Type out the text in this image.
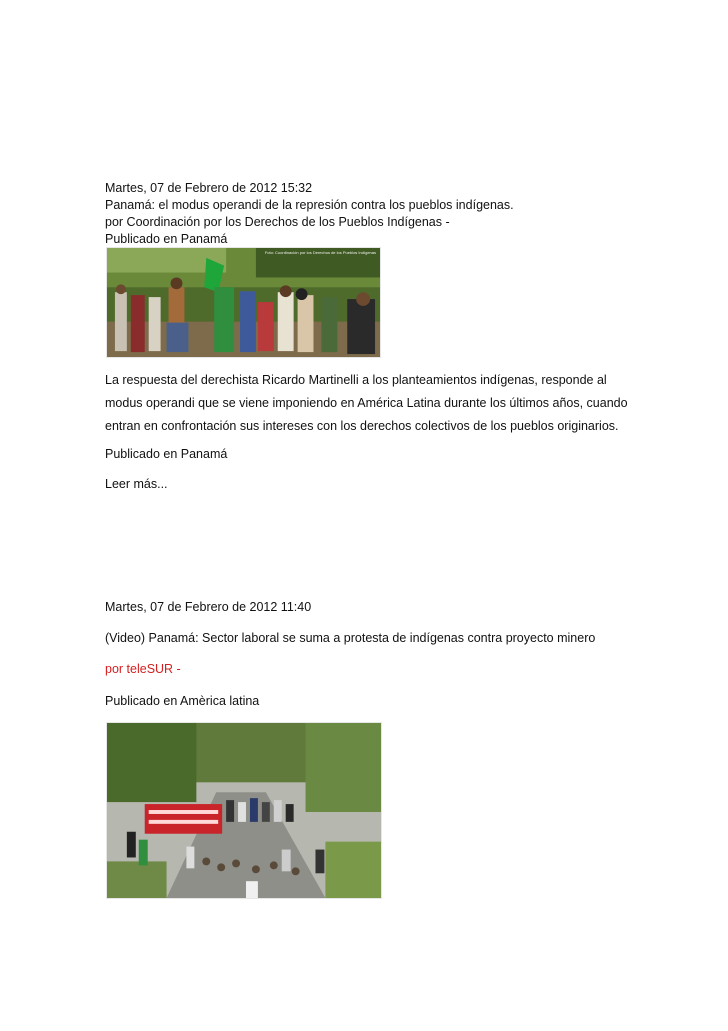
Martes, 07 de Febrero de 2012 15:32
Panamá: el modus operandi de la represión contra los pueblos indígenas.
por Coordinación por los Derechos de los Pueblos Indígenas -
Publicado en Panamá
Foto: Coordinación por los Derechos de los Pueblos Indígenas
La respuesta del derechista Ricardo Martinelli a los planteamientos indígenas, responde al modus operandi que se viene imponiendo en América Latina durante los últimos años, cuando entran en confrontación sus intereses con los derechos colectivos de los pueblos originarios.
Publicado en Panamá
Leer más...
Martes, 07 de Febrero de 2012 11:40
(Video) Panamá: Sector laboral se suma a protesta de indígenas contra proyecto minero
por teleSUR -
Publicado en Amèrica latina
